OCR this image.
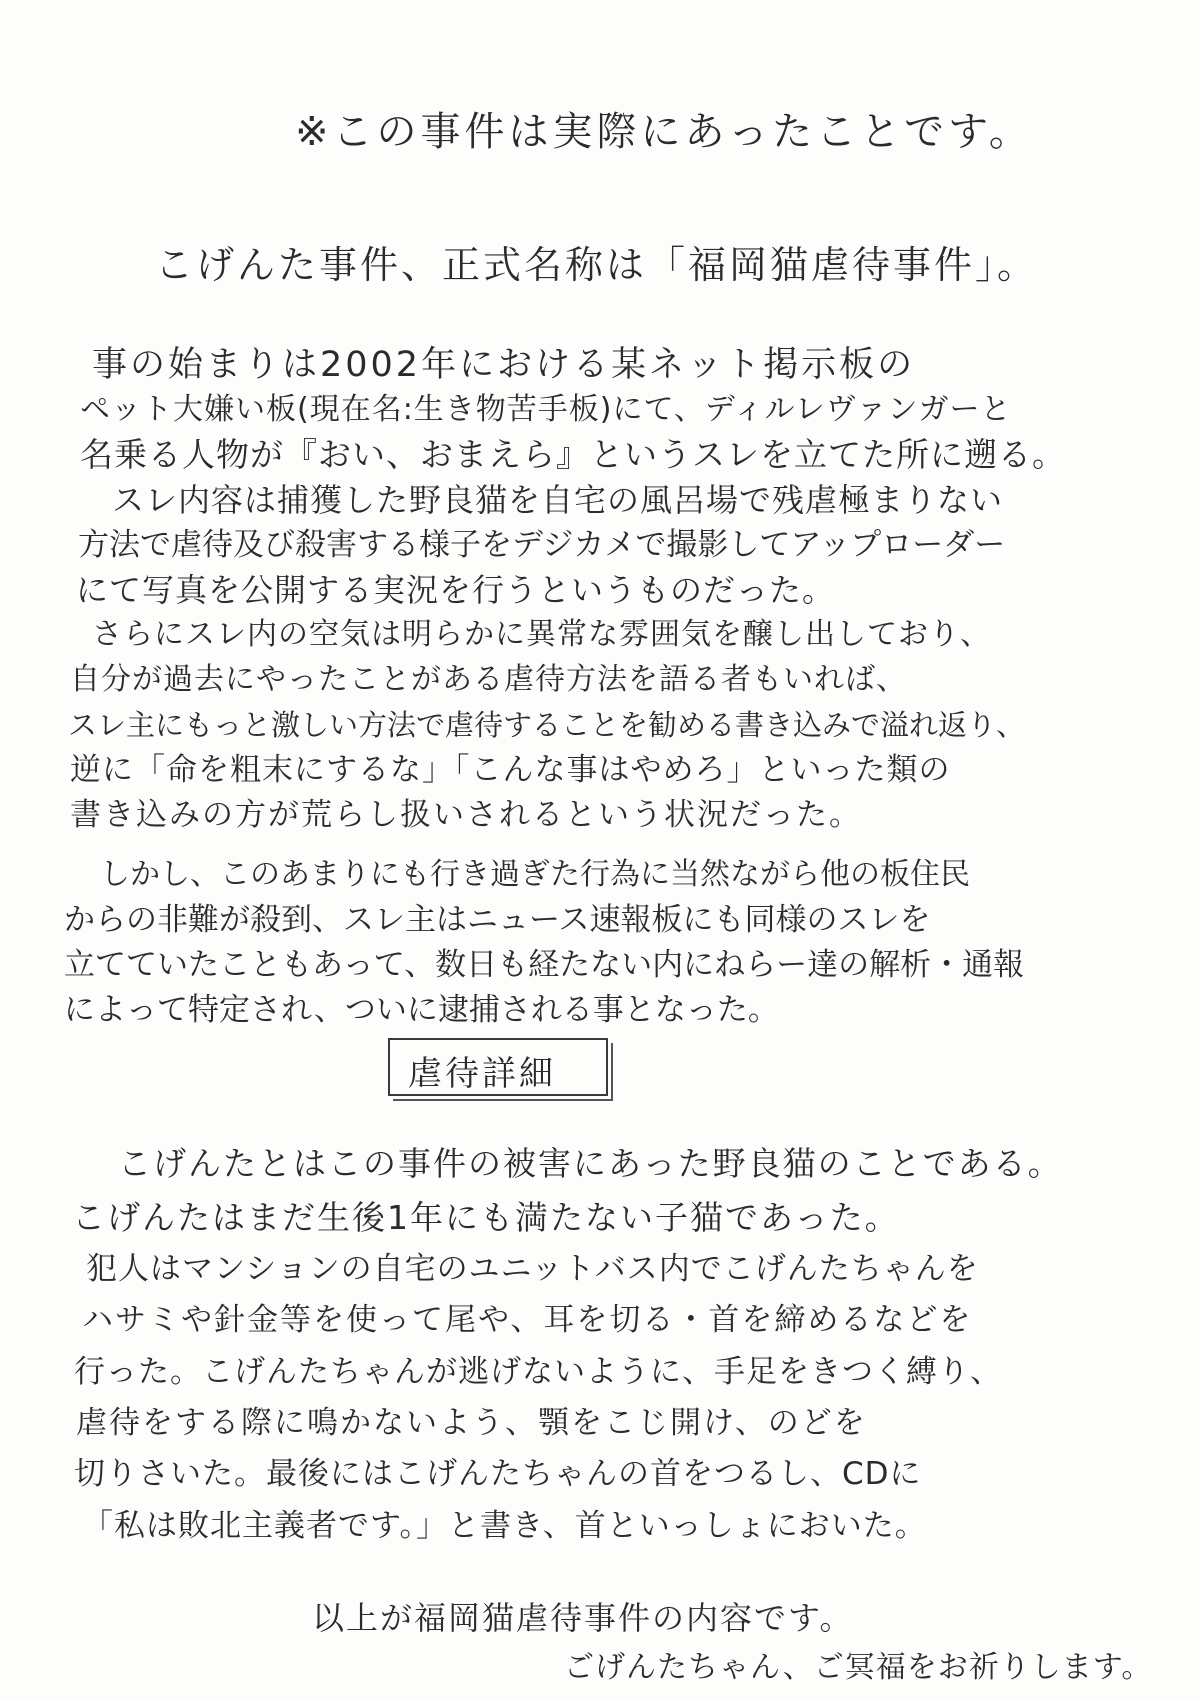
※この事件は実際にあったことです。
こげんた事件、正式名称は「福岡猫虐待事件」。
事の始まりは2002年における某ネット掲示板の
ペット大嫌い板(現在名:生き物苦手板)にて、ディルレヴァンガーと
名乗る人物が『おい、おまえら』というスレを立てた所に遡る。
スレ内容は捕獲した野良猫を自宅の風呂場で残虐極まりない
方法で虐待及び殺害する様子をデジカメで撮影してアップローダー
にて写真を公開する実況を行うというものだった。
さらにスレ内の空気は明らかに異常な雰囲気を醸し出しており、
自分が過去にやったことがある虐待方法を語る者もいれば、
スレ主にもっと激しい方法で虐待することを勧める書き込みで溢れ返り、
逆に「命を粗末にするな」「こんな事はやめろ」といった類の
書き込みの方が荒らし扱いされるという状況だった。
しかし、このあまりにも行き過ぎた行為に当然ながら他の板住民
からの非難が殺到、スレ主はニュース速報板にも同様のスレを
虐待詳細
こげんたとはこの事件の被害にあった野良猫のことである。
こげんたはまだ生後1年にも満たない子猫であった。
犯人はマンションの自宅のユニットバス内でこげんたちゃんを
ハサミや針金等を使って尾や、耳を切る・首を締めるなどを
行った。こげんたちゃんが逃げないように、手足をきつく縛り、
虐待をする際に鳴かないよう、顎をこじ開け、のどを
切りさいた。最後にはこげんたちゃんの首をつるし、CDに
「私は敗北主義者です。」と書き、首といっしょにおいた。
以上が福岡猫虐待事件の内容です。
ごげんたちゃん、ご冥福をお祈りします。
立てていたこともあって、数日も経たない内にねらー達の解析・通報
によって特定され、ついに逮捕される事となった。
